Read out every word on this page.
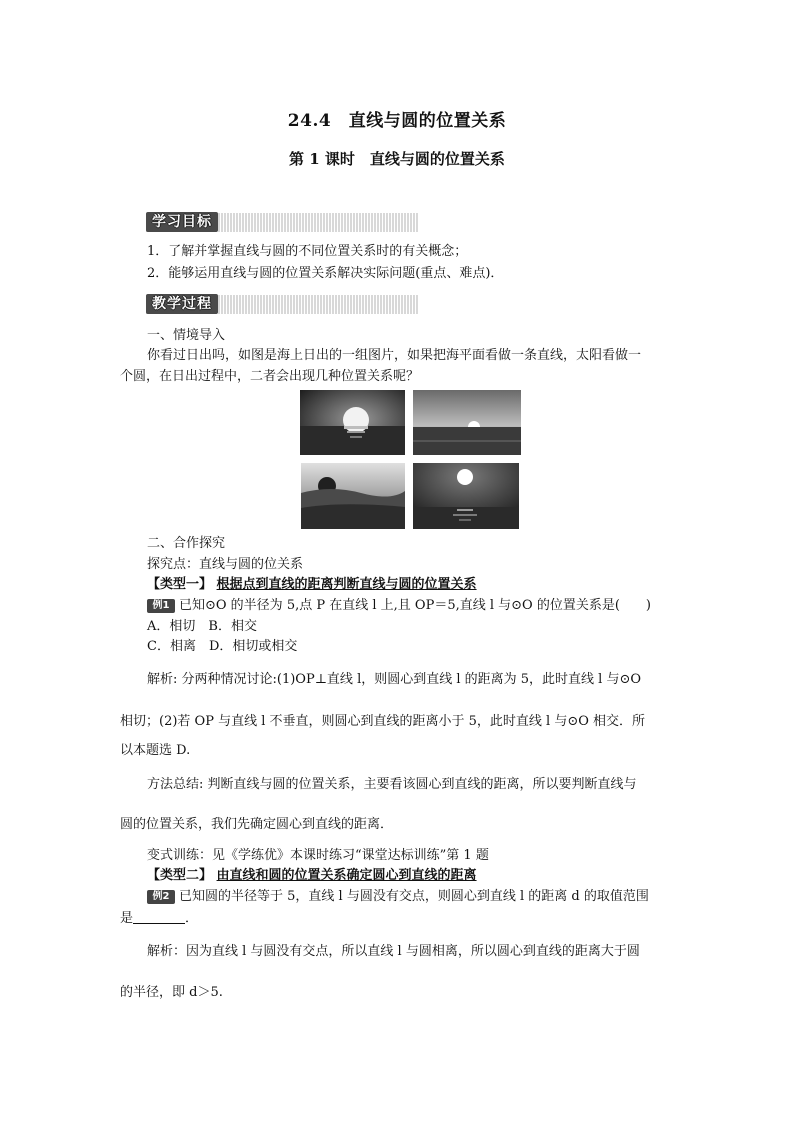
24.4　直线与圆的位置关系
第 1 课时　直线与圆的位置关系
学习目标
1．了解并掌握直线与圆的不同位置关系时的有关概念；
2．能够运用直线与圆的位置关系解决实际问题(重点、难点)．
教学过程
一、情境导入
你看过日出吗，如图是海上日出的一组图片，如果把海平面看做一条直线，太阳看做一
个圆，在日出过程中，二者会出现几种位置关系呢？
二、合作探究
探究点：直线与圆的位关系
【类型一】 根据点到直线的距离判断直线与圆的位置关系
例1 已知⊙O 的半径为 5,点 P 在直线 l 上,且 OP＝5,直线 l 与⊙O 的位置关系是(　　)
A．相切　B．相交
C．相离　D．相切或相交
解析: 分两种情况讨论:(1)OP⊥直线 l，则圆心到直线 l 的距离为 5，此时直线 l 与⊙O
相切；(2)若 OP 与直线 l 不垂直，则圆心到直线的距离小于 5，此时直线 l 与⊙O 相交．所
以本题选 D.
方法总结: 判断直线与圆的位置关系，主要看该圆心到直线的距离，所以要判断直线与
圆的位置关系，我们先确定圆心到直线的距离．
变式训练：见《学练优》本课时练习“课堂达标训练”第 1 题
【类型二】 由直线和圆的位置关系确定圆心到直线的距离
例2 已知圆的半径等于 5，直线 l 与圆没有交点，则圆心到直线 l 的距离 d 的取值范围
是	．
解析：因为直线 l 与圆没有交点，所以直线 l 与圆相离，所以圆心到直线的距离大于圆
的半径，即 d＞5.
